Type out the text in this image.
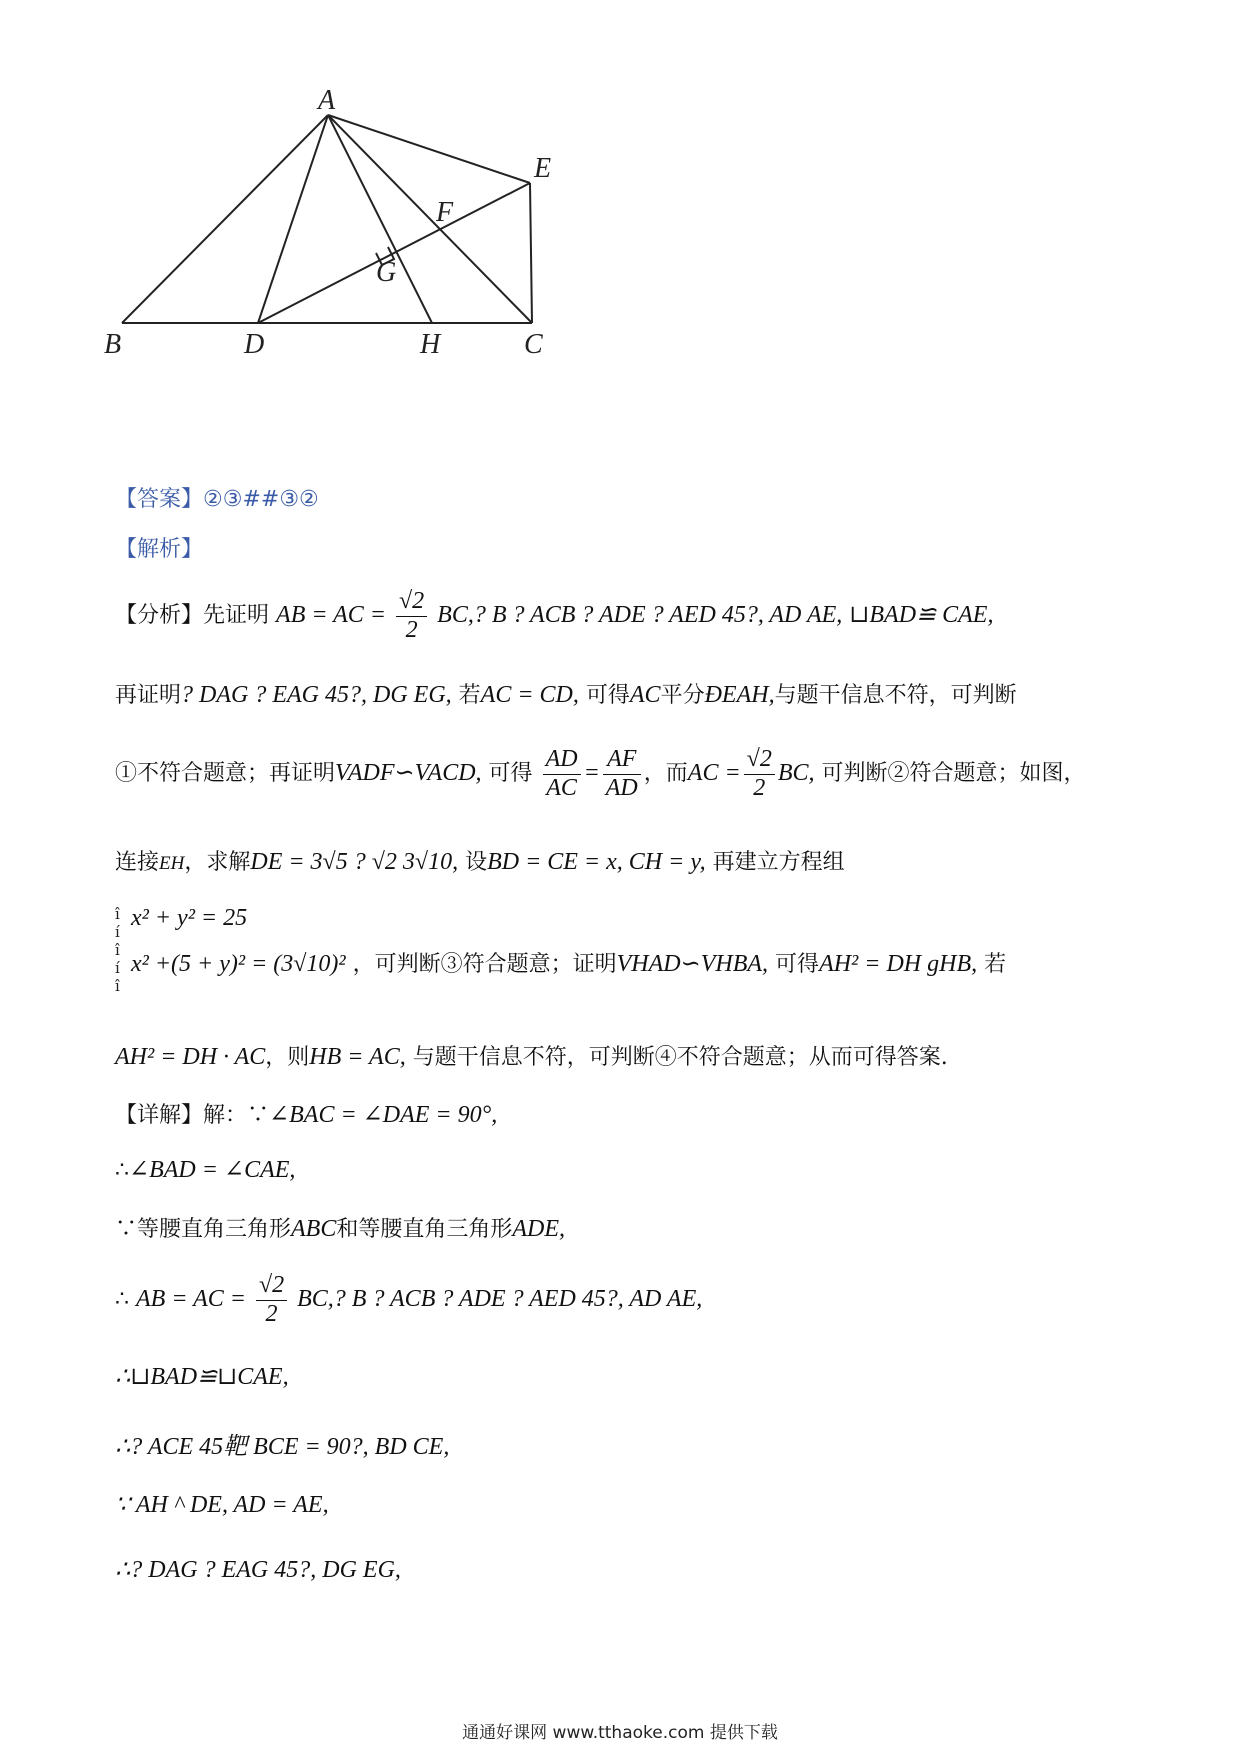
A
B	C
D
E
F
G
H
【答案】②③##③②
【解析】
【分析】先证明 AB = AC = $\frac{√2}{2}$ BC,? B ? ACB ? ADE ? AED 45?, AD AE, ⊔BAD≌ CAE,
再证明? DAG ? EAG 45?, DG EG, 若AC = CD, 可得AC平分ÐEAH,与题干信息不符，可判断
①不符合题意；再证明VADF∽VACD, 可得 $\frac{AD}{AC} = \frac{AF}{AD}$ ，而AC = $\frac{√2}{2}$ BC, 可判断②符合题意；如图，
连接EH，求解DE = 3√5 ? √2 3√10, 设BD = CE = x, CH = y, 再建立方程组
î
í
î
í
î
x² + y² = 25
x² +(5 + y)² = (3√10)² ，可判断③符合题意；证明VHAD∽VHBA, 可得AH² = DH gHB, 若
AH² = DH · AC，则HB = AC, 与题干信息不符，可判断④不符合题意；从而可得答案.
【详解】解：∵∠BAC = ∠DAE = 90°,
∴∠BAD = ∠CAE,
∵等腰直角三角形ABC和等腰直角三角形ADE,
∴ AB = AC = $\frac{√2}{2}$ BC,? B ? ACB ? ADE ? AED 45?, AD AE,
∴⊔BAD≌⊔CAE,
∴? ACE 45靶 BCE = 90?, BD CE,
∵ AH ^ DE, AD = AE,
∴? DAG ? EAG 45?, DG EG,
通通好课网 www.tthaoke.com 提供下载
